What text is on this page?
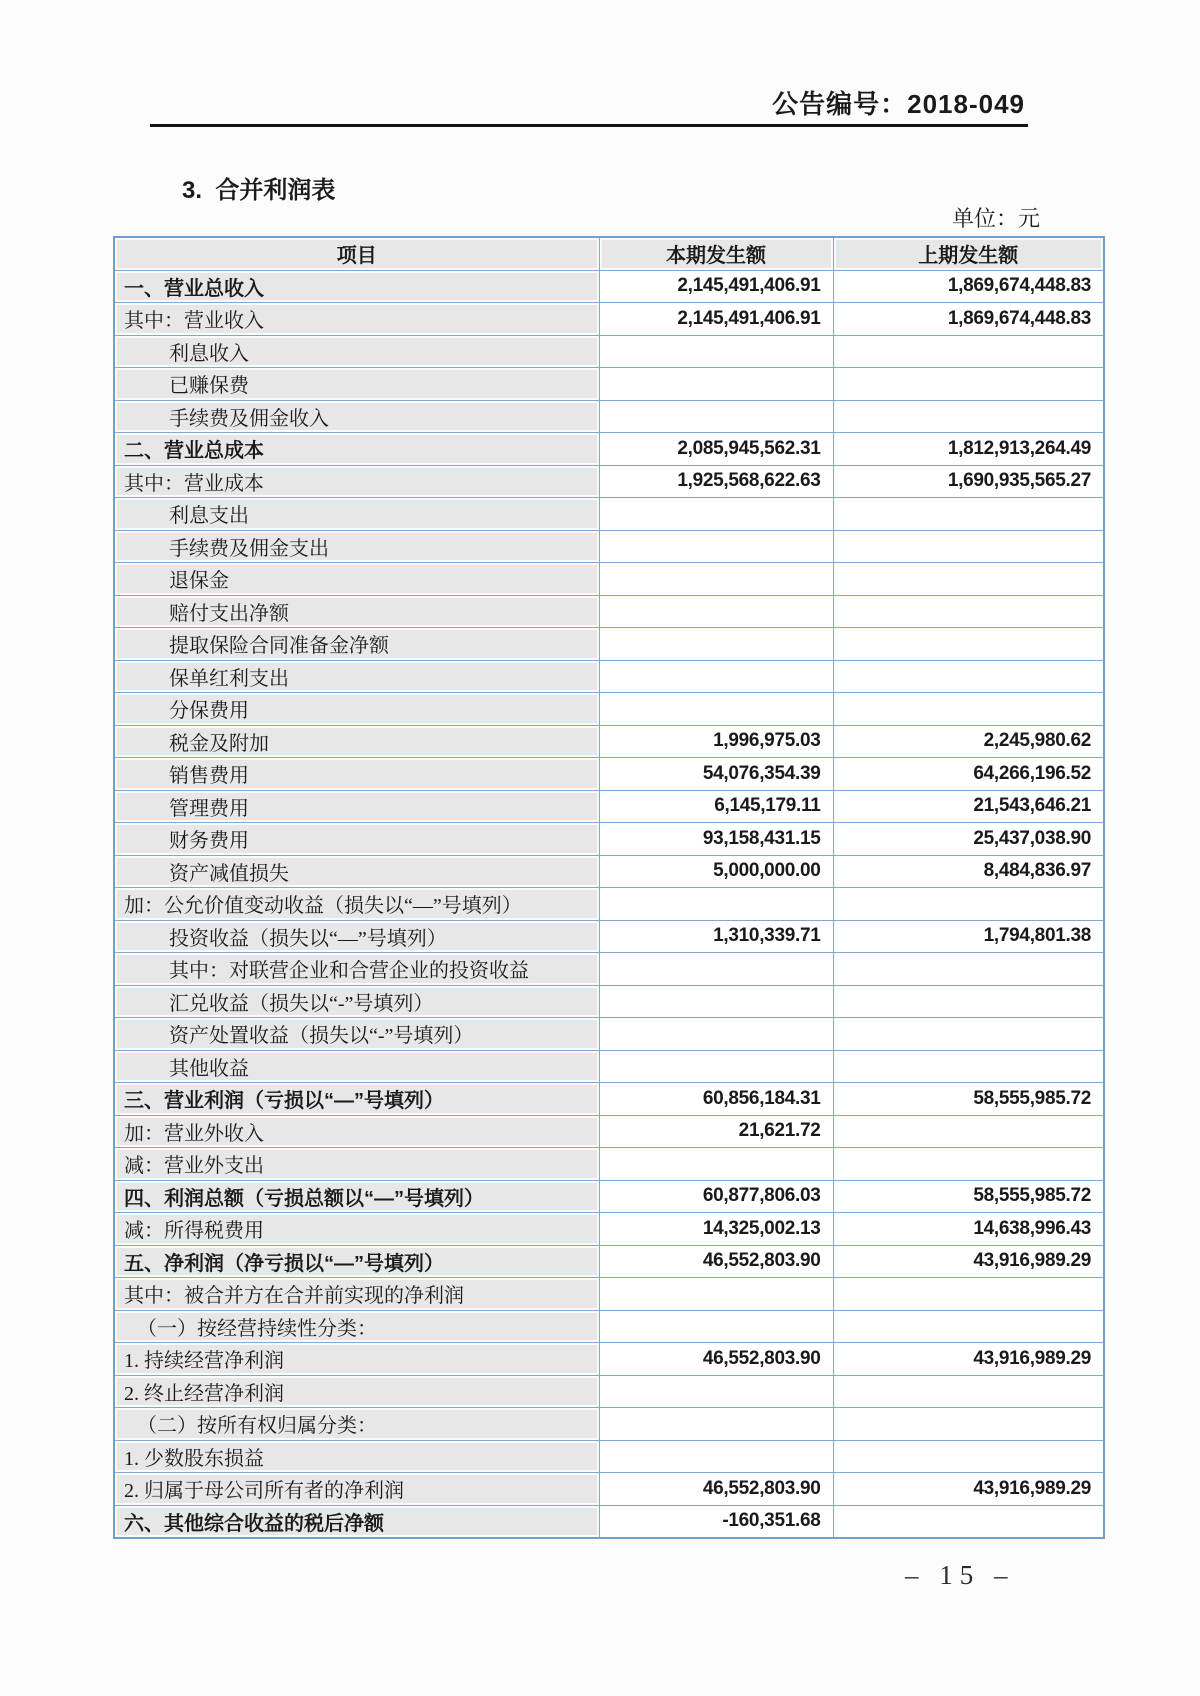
公告编号：2018-049
3.  合并利润表
单位：元
项目	本期发生额	上期发生额
一、营业总收入	2,145,491,406.91	1,869,674,448.83
其中：营业收入	2,145,491,406.91	1,869,674,448.83
利息收入		
已赚保费		
手续费及佣金收入		
二、营业总成本	2,085,945,562.31	1,812,913,264.49
其中：营业成本	1,925,568,622.63	1,690,935,565.27
利息支出		
手续费及佣金支出		
退保金		
赔付支出净额		
提取保险合同准备金净额		
保单红利支出		
分保费用		
税金及附加	1,996,975.03	2,245,980.62
销售费用	54,076,354.39	64,266,196.52
管理费用	6,145,179.11	21,543,646.21
财务费用	93,158,431.15	25,437,038.90
资产减值损失	5,000,000.00	8,484,836.97
加：公允价值变动收益（损失以“—”号填列）		
投资收益（损失以“—”号填列）	1,310,339.71	1,794,801.38
其中：对联营企业和合营企业的投资收益		
汇兑收益（损失以“-”号填列）		
资产处置收益（损失以“-”号填列）		
其他收益		
三、营业利润（亏损以“—”号填列）	60,856,184.31	58,555,985.72
加：营业外收入	21,621.72	
减：营业外支出		
四、利润总额（亏损总额以“—”号填列）	60,877,806.03	58,555,985.72
减：所得税费用	14,325,002.13	14,638,996.43
五、净利润（净亏损以“—”号填列）	46,552,803.90	43,916,989.29
其中：被合并方在合并前实现的净利润		
（一）按经营持续性分类：		
1. 持续经营净利润	46,552,803.90	43,916,989.29
2. 终止经营净利润		
（二）按所有权归属分类：		
1. 少数股东损益		
2. 归属于母公司所有者的净利润	46,552,803.90	43,916,989.29
六、其他综合收益的税后净额	-160,351.68	
– 15 –
